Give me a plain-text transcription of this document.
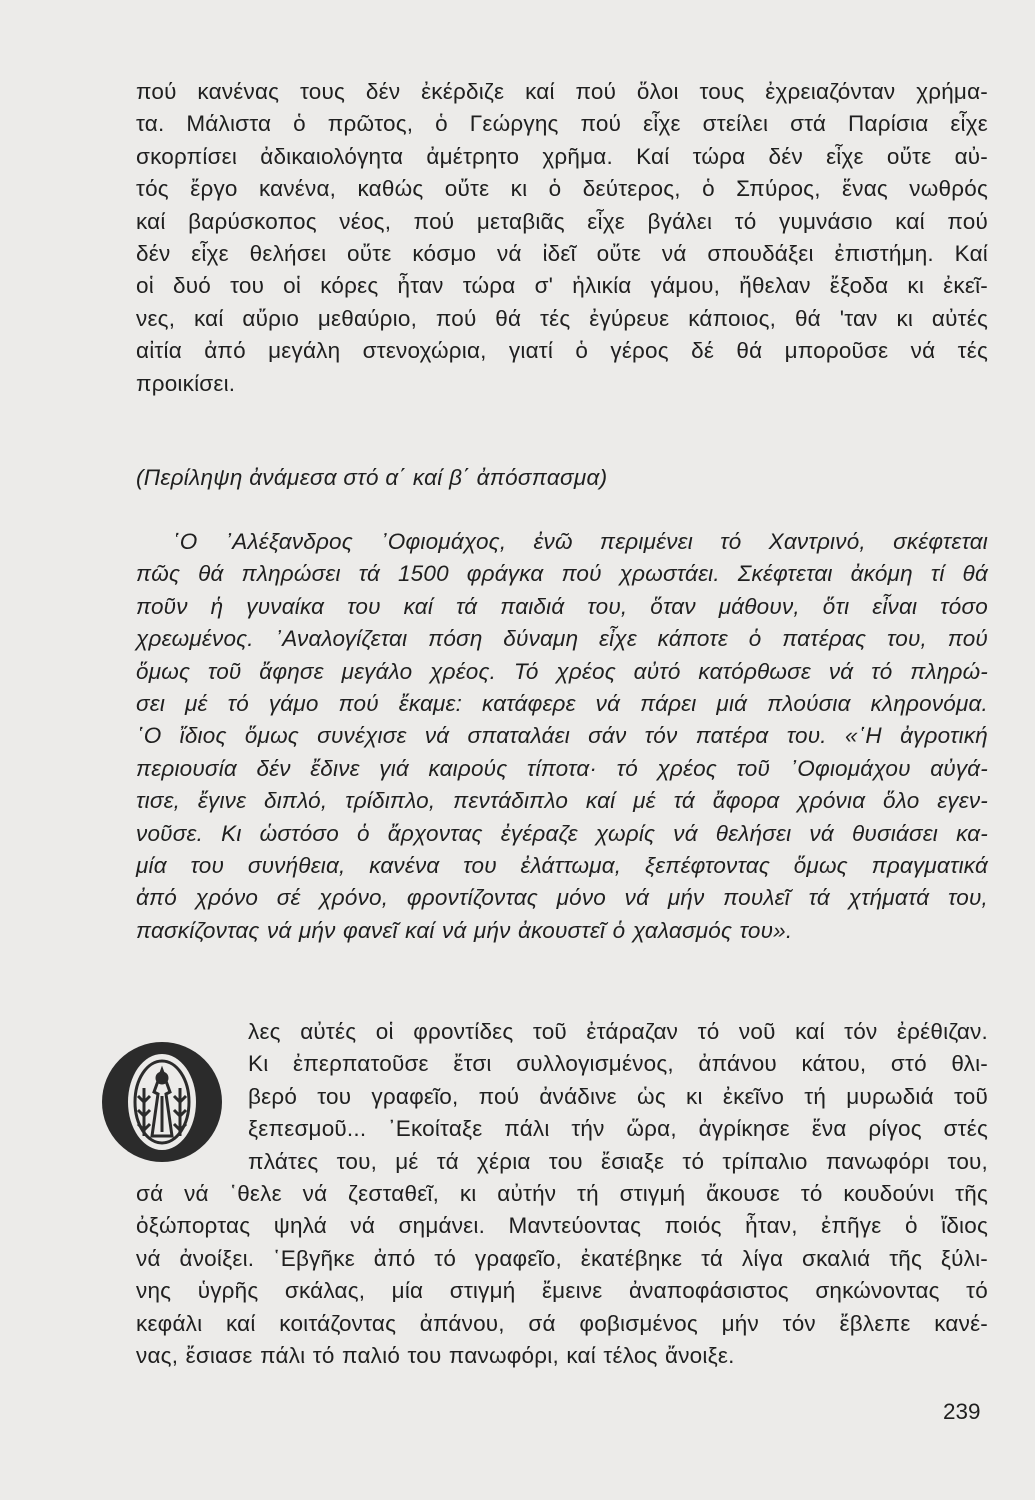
πού κανένας τους δέν ἐκέρδιζε καί πού ὅλοι τους ἐχρειαζόνταν χρήμα-
τα. Μάλιστα ὁ πρῶτος, ὁ Γεώργης πού εἶχε στείλει στά Παρίσια εἶχε
σκορπίσει ἀδικαιολόγητα ἀμέτρητο χρῆμα. Καί τώρα δέν εἶχε οὔτε αὐ-
τός ἔργο κανένα, καθώς οὔτε κι ὁ δεύτερος, ὁ Σπύρος, ἕνας νωθρός
καί βαρύσκοπος νέος, πού μεταβιᾶς εἶχε βγάλει τό γυμνάσιο καί πού
δέν εἶχε θελήσει οὔτε κόσμο νά ἰδεῖ οὔτε νά σπουδάξει ἐπιστήμη. Καί
οἱ δυό του οἱ κόρες ἦταν τώρα σ' ἡλικία γάμου, ἤθελαν ἔξοδα κι ἐκεῖ-
νες, καί αὔριο μεθαύριο, πού θά τές ἐγύρευε κάποιος, θά 'ταν κι αὐτές
αἰτία ἀπό μεγάλη στενοχώρια, γιατί ὁ γέρος δέ θά μποροῦσε νά τές
προικίσει.
(Περίληψη ἀνάμεσα στό α΄ καί β΄ ἀπόσπασμα)
῾Ο ᾿Αλέξανδρος ᾿Οφιομάχος, ἐνῶ περιμένει τό Χαντρινό, σκέφτεται
πῶς θά πληρώσει τά 1500 φράγκα πού χρωστάει. Σκέφτεται ἀκόμη τί θά
ποῦν ἡ γυναίκα του καί τά παιδιά του, ὅταν μάθουν, ὅτι εἶναι τόσο
χρεωμένος. ᾿Αναλογίζεται πόση δύναμη εἶχε κάποτε ὁ πατέρας του, πού
ὅμως τοῦ ἄφησε μεγάλο χρέος. Τό χρέος αὐτό κατόρθωσε νά τό πληρώ-
σει μέ τό γάμο πού ἔκαμε: κατάφερε νά πάρει μιά πλούσια κληρονόμα.
῾Ο ἴδιος ὅμως συνέχισε νά σπαταλάει σάν τόν πατέρα του. «῾Η ἀγροτική
περιουσία δέν ἔδινε γιά καιρούς τίποτα· τό χρέος τοῦ ᾿Οφιομάχου αὐγά-
τισε, ἔγινε διπλό, τρίδιπλο, πεντάδιπλο καί μέ τά ἄφορα χρόνια ὅλο εγεν-
νοῦσε. Κι ὡστόσο ὁ ἄρχοντας ἐγέραζε χωρίς νά θελήσει νά θυσιάσει κα-
μία του συνήθεια, κανένα του ἐλάττωμα, ξεπέφτοντας ὅμως πραγματικά
ἀπό χρόνο σέ χρόνο, φροντίζοντας μόνο νά μήν πουλεῖ τά χτήματά του,
πασκίζοντας νά μήν φανεῖ καί νά μήν ἀκουστεῖ ὁ χαλασμός του».
λες αὐτές οἱ φροντίδες τοῦ ἐτάραζαν τό νοῦ καί τόν ἐρέθιζαν.
Κι ἐπερπατοῦσε ἔτσι συλλογισμένος, ἀπάνου κάτου, στό θλι-
βερό του γραφεῖο, πού ἀνάδινε ὡς κι ἐκεῖνο τή μυρωδιά τοῦ
ξεπεσμοῦ... ᾿Εκοίταξε πάλι τήν ὥρα, ἀγρίκησε ἕνα ρίγος στές
πλάτες του, μέ τά χέρια του ἔσιαξε τό τρίπαλιο πανωφόρι του,
σά νά ῾θελε νά ζεσταθεῖ, κι αὐτήν τή στιγμή ἄκουσε τό κουδούνι τῆς
ὀξώπορτας ψηλά νά σημάνει. Μαντεύοντας ποιός ἦταν, ἐπῆγε ὁ ἴδιος
νά ἀνοίξει. ῾Εβγῆκε ἀπό τό γραφεῖο, ἐκατέβηκε τά λίγα σκαλιά τῆς ξύλι-
νης ὑγρῆς σκάλας, μία στιγμή ἔμεινε ἀναποφάσιστος σηκώνοντας τό
κεφάλι καί κοιτάζοντας ἀπάνου, σά φοβισμένος μήν τόν ἔβλεπε κανέ-
νας, ἔσιασε πάλι τό παλιό του πανωφόρι, καί τέλος ἄνοιξε.
239
